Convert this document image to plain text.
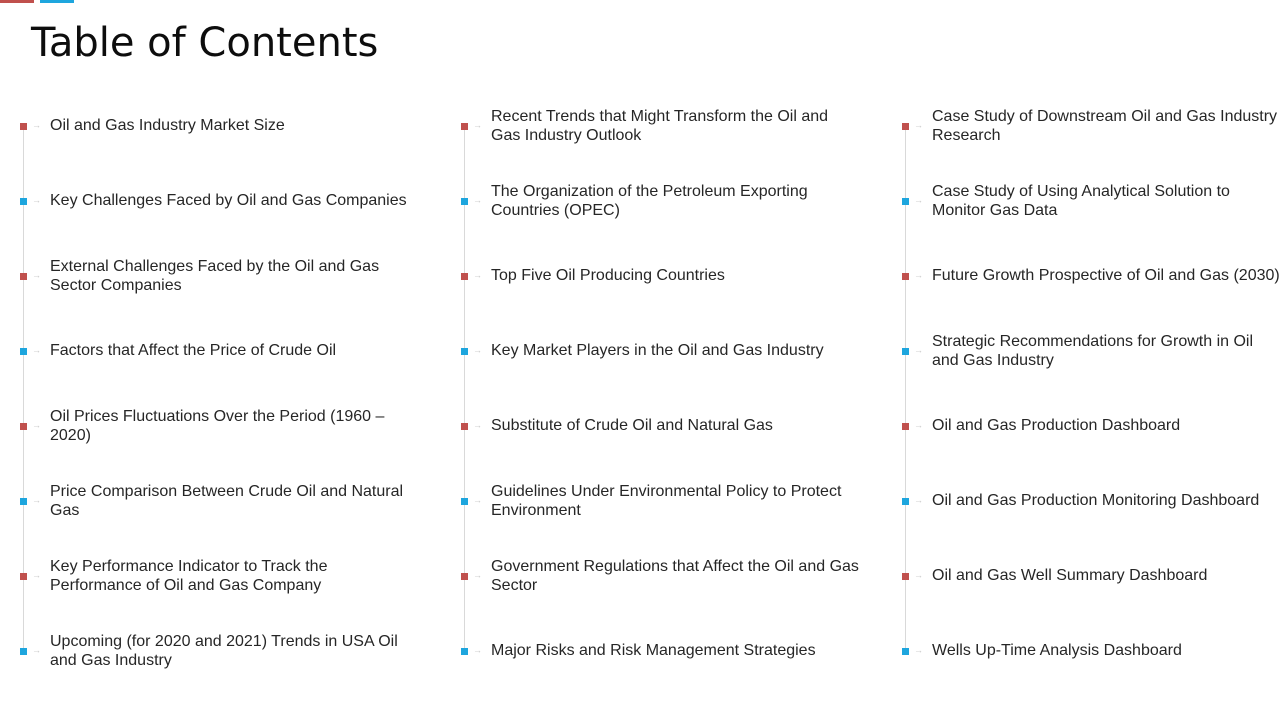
Table of Contents
→ Oil and Gas Industry Market Size
→ Key Challenges Faced by Oil and Gas Companies
→
External Challenges Faced by the Oil and Gas Sector Companies
→ Factors that Affect the Price of Crude Oil
→
Oil Prices Fluctuations Over the Period (1960 – 2020)
→
Price Comparison Between Crude Oil and Natural Gas
→
Key Performance Indicator to Track the Performance of Oil and Gas Company
→
Upcoming (for 2020 and 2021) Trends in USA Oil and Gas Industry
→
Recent Trends that Might Transform the Oil and Gas Industry Outlook
→
The Organization of the Petroleum Exporting Countries (OPEC)
→ Top Five Oil Producing Countries
→ Key Market Players in the Oil and Gas Industry
→ Substitute of Crude Oil and Natural Gas
→
Guidelines Under Environmental Policy to Protect Environment
→
Government Regulations that Affect the Oil and Gas Sector
→ Major Risks and Risk Management Strategies
→
Case Study of Downstream Oil and Gas Industry Research
→
Case Study of Using Analytical Solution to Monitor Gas Data
→ Future Growth Prospective of Oil and Gas (2030)
→
Strategic Recommendations for Growth in Oil and Gas Industry
→ Oil and Gas Production Dashboard
→ Oil and Gas Production Monitoring Dashboard
→ Oil and Gas Well Summary Dashboard
→ Wells Up-Time Analysis Dashboard
